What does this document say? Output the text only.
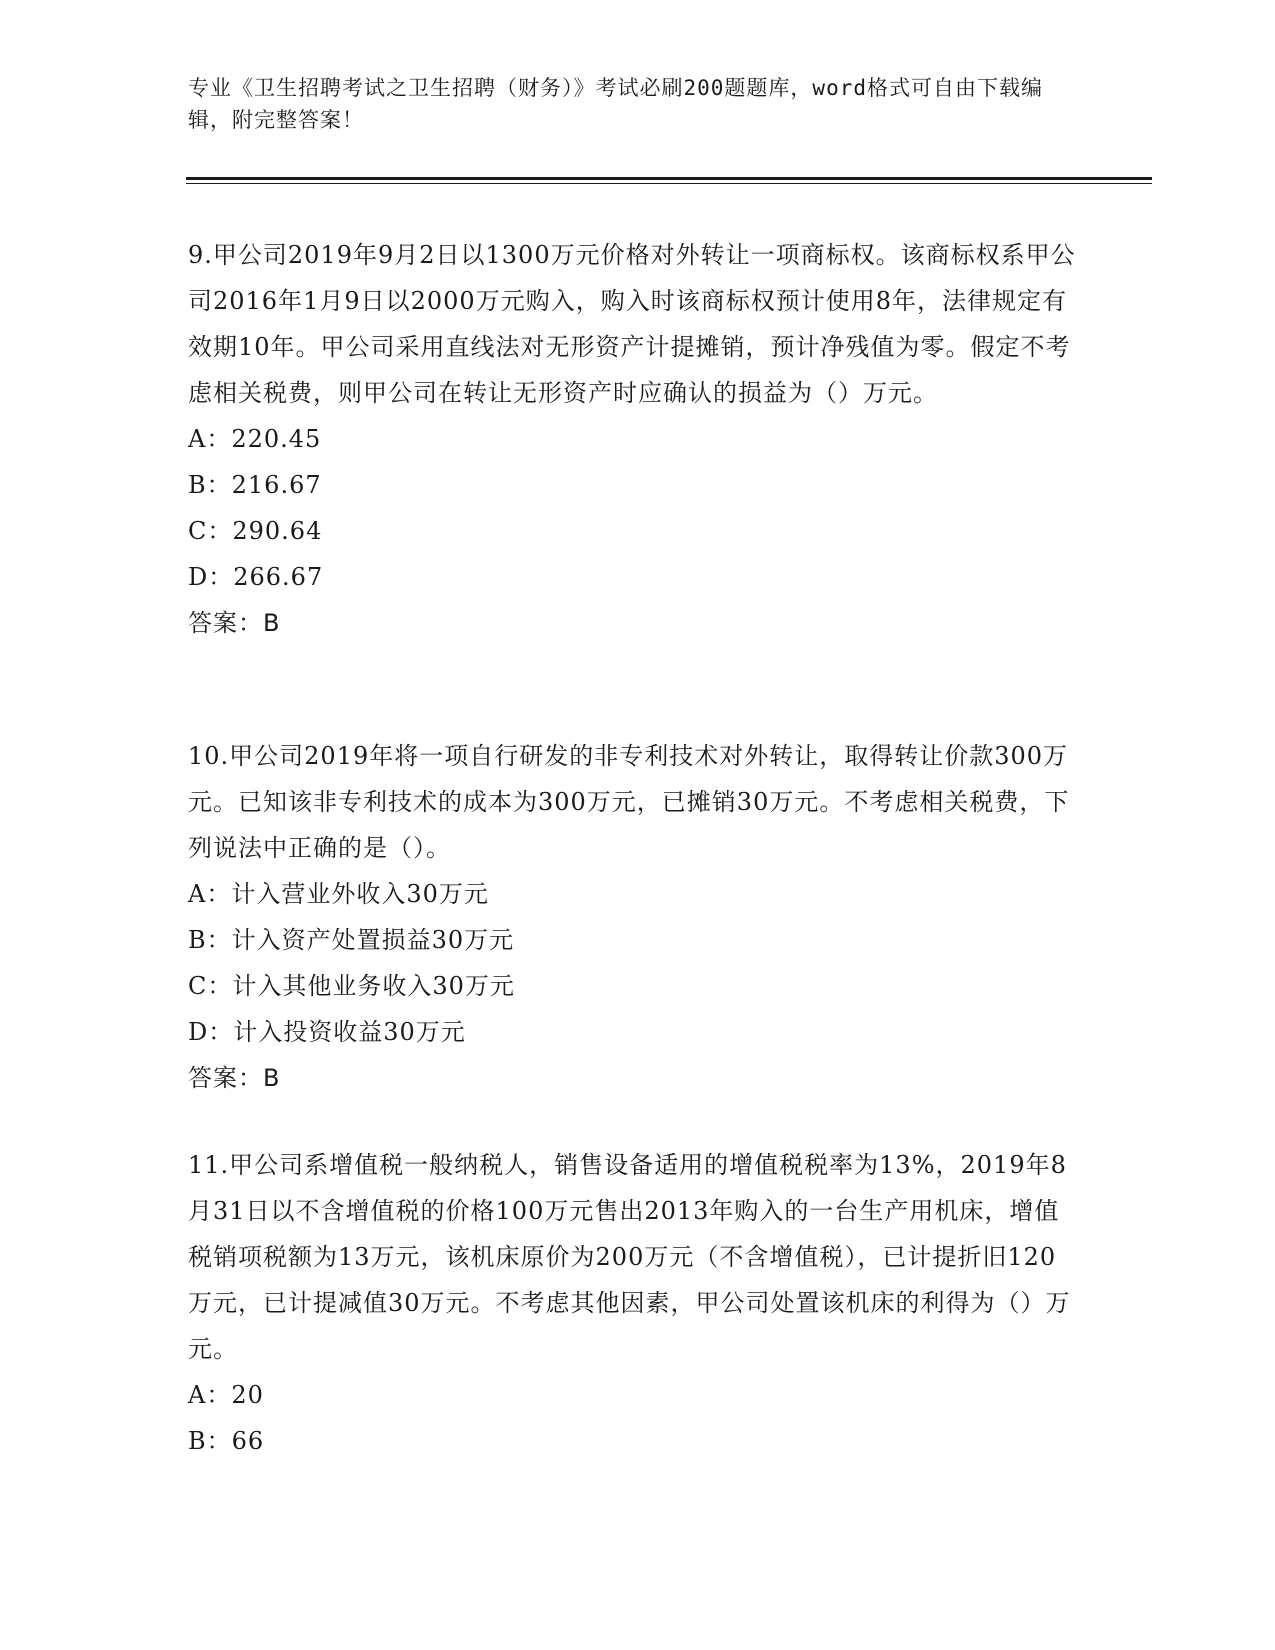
专业《卫生招聘考试之卫生招聘（财务）》考试必刷200题题库，word格式可自由下载编辑，附完整答案！

9.甲公司2019年9月2日以1300万元价格对外转让一项商标权。该商标权系甲公司2016年1月9日以2000万元购入，购入时该商标权预计使用8年，法律规定有效期10年。甲公司采用直线法对无形资产计提摊销，预计净残值为零。假定不考虑相关税费，则甲公司在转让无形资产时应确认的损益为（）万元。

A：220.45

B：216.67

C：290.64

D：266.67

答案：B

10.甲公司2019年将一项自行研发的非专利技术对外转让，取得转让价款300万元。已知该非专利技术的成本为300万元，已摊销30万元。不考虑相关税费，下列说法中正确的是（）。

A：计入营业外收入30万元

B：计入资产处置损益30万元

C：计入其他业务收入30万元

D：计入投资收益30万元

答案：B

11.甲公司系增值税一般纳税人，销售设备适用的增值税税率为13%，2019年8月31日以不含增值税的价格100万元售出2013年购入的一台生产用机床，增值税销项税额为13万元，该机床原价为200万元（不含增值税），已计提折旧120万元，已计提减值30万元。不考虑其他因素，甲公司处置该机床的利得为（）万元。

A：20

B：66
